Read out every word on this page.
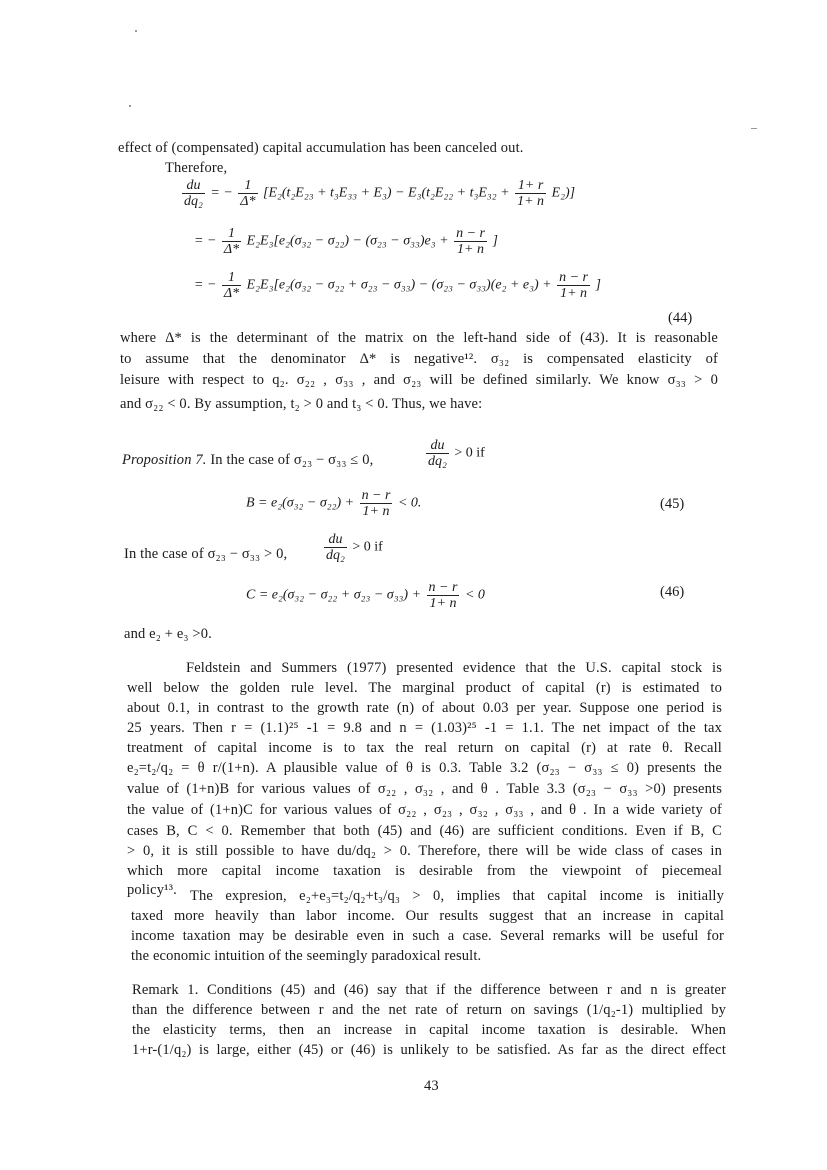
effect of (compensated) capital accumulation has been canceled out.
Therefore,
$\frac{du}{\text{dq₂}}$ = − $\frac{1}{\Delta*} [E_2(t_2E_{23} + t_3E_{33} + E_3) - E_3(t_2E_{22} + t_3E_{32} + \frac{1+ r}{1+ n} E_2)]$
= − $\frac{1}{\Delta*} E_2E_3[e_2(\sigma_{32} - \sigma_{22}) - (\sigma_{23} - \sigma_{33})e_3 + \frac{n - r}{1+ n}$ ]
= − $\frac{1}{\Delta*} E_2E_3[e_2(\sigma_{32} - \sigma_{22} + \sigma_{23} - \sigma_{33}) - (\sigma_{23} - \sigma_{33})(e_2 + e_3) + \frac{n - r}{1+ n}$ ]
(44)
where Δ* is the determinant of the matrix on the left-hand side of (43). It is reasonable
to assume that the denominator Δ* is negative¹². σ₃₂ is compensated elasticity of
leisure with respect to q₂. σ₂₂ , σ₃₃ , and σ₂₃ will be defined similarly. We know σ₃₃ > 0
and σ₂₂ < 0. By assumption, t₂ > 0 and t₃ < 0. Thus, we have:
Proposition 7. In the case of σ₂₃ − σ₃₃ ≤ 0,	$\frac{du}{\text{dq₂}} > 0$ if
$B = e_2(\sigma_{32} - \sigma_{22}) + \frac{n - r}{1+ n} < 0$.	(45)
In the case of σ₂₃ − σ₃₃ > 0,	$\frac{du}{\text{dq₂}} > 0$ if
$C = e_2(\sigma_{32} - \sigma_{22} + \sigma_{23} - \sigma_{33}) + \frac{n - r}{1+ n} < 0$	(46)
and e₂ + e₃ >0.
Feldstein and Summers (1977) presented evidence that the U.S. capital stock is
well below the golden rule level. The marginal product of capital (r) is estimated to
about 0.1, in contrast to the growth rate (n) of about 0.03 per year. Suppose one period is
25 years. Then r = (1.1)²⁵ -1 = 9.8 and n = (1.03)²⁵ -1 = 1.1. The net impact of the tax
treatment of capital income is to tax the real return on capital (r) at rate θ. Recall
e₂=t₂/q₂ = θ r/(1+n). A plausible value of θ is 0.3. Table 3.2 (σ₂₃ − σ₃₃ ≤ 0) presents the
value of (1+n)B for various values of σ₂₂ , σ₃₂ , and θ . Table 3.3 (σ₂₃ − σ₃₃ >0) presents
the value of (1+n)C for various values of σ₂₂ , σ₂₃ , σ₃₂ , σ₃₃ , and θ . In a wide variety of
cases B, C < 0. Remember that both (45) and (46) are sufficient conditions. Even if B, C
> 0, it is still possible to have du/dq₂ > 0. Therefore, there will be wide class of cases in
which more capital income taxation is desirable from the viewpoint of piecemeal
policy¹³. The expresion, e₂+e₃=t₂/q₂+t₃/q₃ > 0, implies that capital income is initially
taxed more heavily than labor income. Our results suggest that an increase in capital
income taxation may be desirable even in such a case. Several remarks will be useful for
the economic intuition of the seemingly paradoxical result.
Remark 1. Conditions (45) and (46) say that if the difference between r and n is greater
than the difference between r and the net rate of return on savings (1/q₂-1) multiplied by
the elasticity terms, then an increase in capital income taxation is desirable. When
1+r-(1/q₂) is large, either (45) or (46) is unlikely to be satisfied. As far as the direct effect
43
